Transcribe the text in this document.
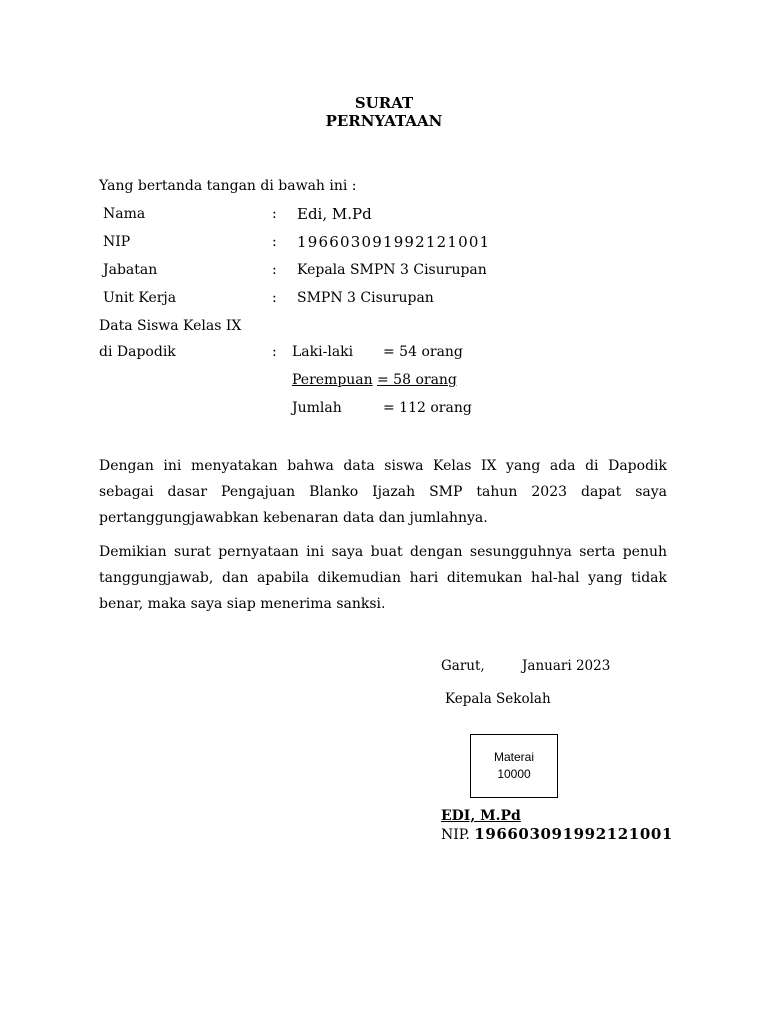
SURAT
PERNYATAAN
Yang bertanda tangan di bawah ini :
Nama	: Edi, M.Pd
NIP	: 196603091992121001
Jabatan	: Kepala SMPN 3 Cisurupan
Unit Kerja	: SMPN 3 Cisurupan
Data Siswa Kelas IX
di Dapodik	: Laki-laki = 54 orang
Perempuan = 58 orang
Jumlah	= 112 orang
Dengan ini menyatakan bahwa data siswa Kelas IX yang ada di Dapodik sebagai dasar Pengajuan Blanko Ijazah SMP tahun 2023 dapat saya pertanggungjawabkan kebenaran data dan jumlahnya.
Demikian surat pernyataan ini saya buat dengan sesungguhnya serta penuh tanggungjawab, dan apabila dikemudian hari ditemukan hal-hal yang tidak benar, maka saya siap menerima sanksi.
Garut,	Januari 2023
Kepala Sekolah
Materai
10000
EDI, M.Pd
NIP. 196603091992121001
